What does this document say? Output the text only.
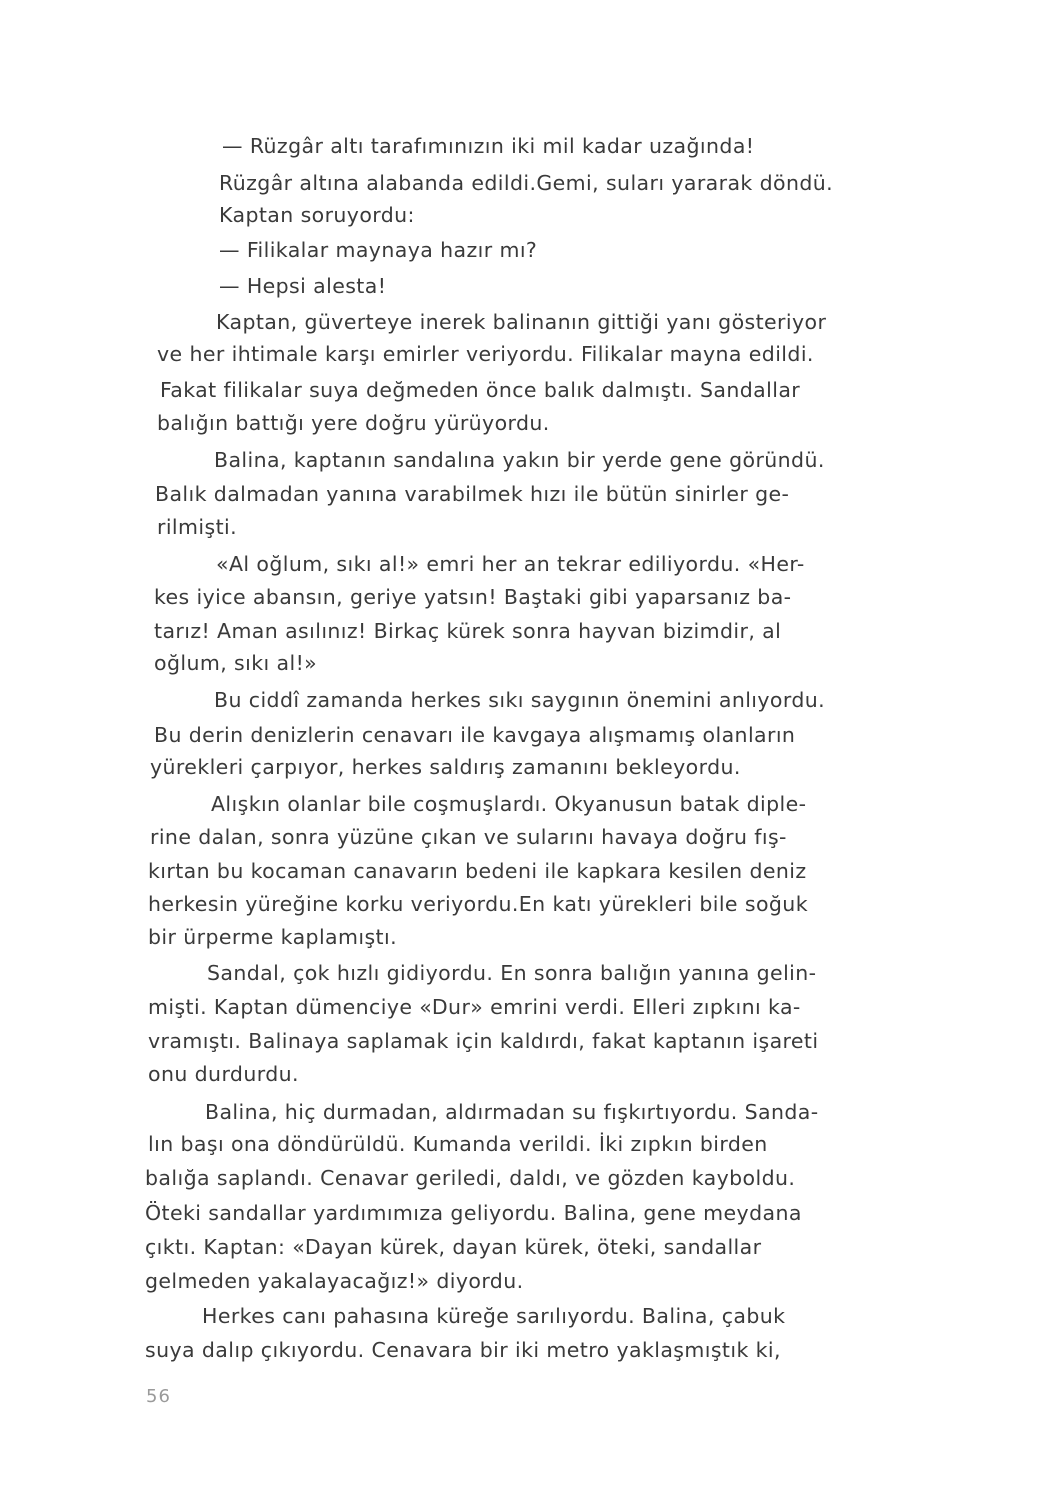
— Rüzgâr altı tarafımınızın iki mil kadar uzağında!
Rüzgâr altına alabanda edildi.Gemi, suları yararak döndü.
Kaptan soruyordu:
— Filikalar maynaya hazır mı?
— Hepsi alesta!
Kaptan, güverteye inerek balinanın gittiği yanı gösteriyor
ve her ihtimale karşı emirler veriyordu. Filikalar mayna edildi.
Fakat filikalar suya değmeden önce balık dalmıştı. Sandallar
balığın battığı yere doğru yürüyordu.
Balina, kaptanın sandalına yakın bir yerde gene göründü.
Balık dalmadan yanına varabilmek hızı ile bütün sinirler ge-
rilmişti.
«Al oğlum, sıkı al!» emri her an tekrar ediliyordu. «Her-
kes iyice abansın, geriye yatsın! Baştaki gibi yaparsanız ba-
tarız! Aman asılınız! Birkaç kürek sonra hayvan bizimdir, al
oğlum, sıkı al!»
Bu ciddî zamanda herkes sıkı saygının önemini anlıyordu.
Bu derin denizlerin cenavarı ile kavgaya alışmamış olanların
yürekleri çarpıyor, herkes saldırış zamanını bekleyordu.
Alışkın olanlar bile coşmuşlardı. Okyanusun batak diple-
rine dalan, sonra yüzüne çıkan ve sularını havaya doğru fış-
kırtan bu kocaman canavarın bedeni ile kapkara kesilen deniz
herkesin yüreğine korku veriyordu.En katı yürekleri bile soğuk
bir ürperme kaplamıştı.
Sandal, çok hızlı gidiyordu. En sonra balığın yanına gelin-
mişti. Kaptan dümenciye «Dur» emrini verdi. Elleri zıpkını ka-
vramıştı. Balinaya saplamak için kaldırdı, fakat kaptanın işareti
onu durdurdu.
Balina, hiç durmadan, aldırmadan su fışkırtıyordu. Sanda-
lın başı ona döndürüldü. Kumanda verildi. İki zıpkın birden
balığa saplandı. Cenavar geriledi, daldı, ve gözden kayboldu.
Öteki sandallar yardımımıza geliyordu. Balina, gene meydana
çıktı. Kaptan: «Dayan kürek, dayan kürek, öteki, sandallar
gelmeden yakalayacağız!» diyordu.
Herkes canı pahasına küreğe sarılıyordu. Balina, çabuk
suya dalıp çıkıyordu. Cenavara bir iki metro yaklaşmıştık ki,
56
